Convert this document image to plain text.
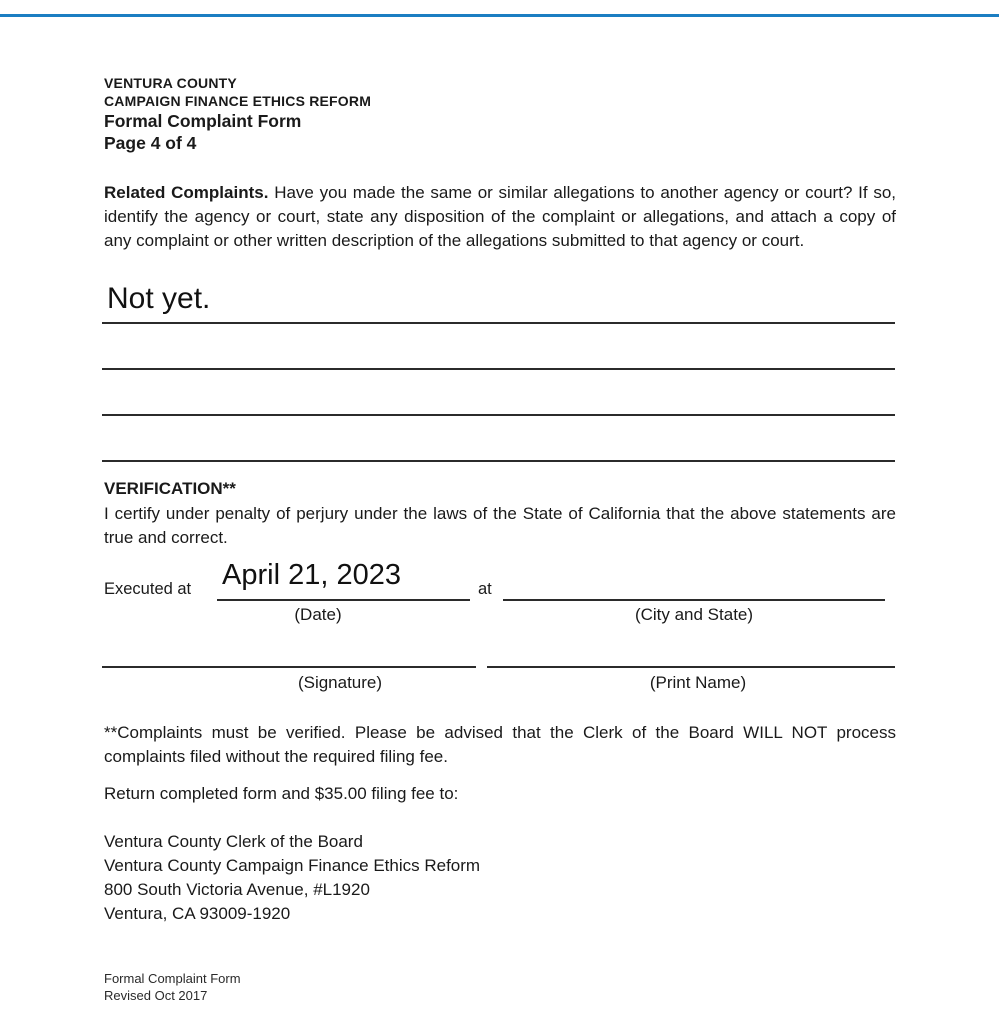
VENTURA COUNTY
CAMPAIGN FINANCE ETHICS REFORM
Formal Complaint Form
Page 4 of 4
Related Complaints. Have you made the same or similar allegations to another agency or court? If so, identify the agency or court, state any disposition of the complaint or allegations, and attach a copy of any complaint or other written description of the allegations submitted to that agency or court.
Not yet.
VERIFICATION**
I certify under penalty of perjury under the laws of the State of California that the above statements are true and correct.
Executed at April 21, 2023
(Date)
at
(City and State)
(Signature)	(Print Name)
**Complaints must be verified. Please be advised that the Clerk of the Board WILL NOT process complaints filed without the required filing fee.
Return completed form and $35.00 filing fee to:
Ventura County Clerk of the Board
Ventura County Campaign Finance Ethics Reform
800 South Victoria Avenue, #L1920
Ventura, CA 93009-1920
Formal Complaint Form
Revised Oct 2017
